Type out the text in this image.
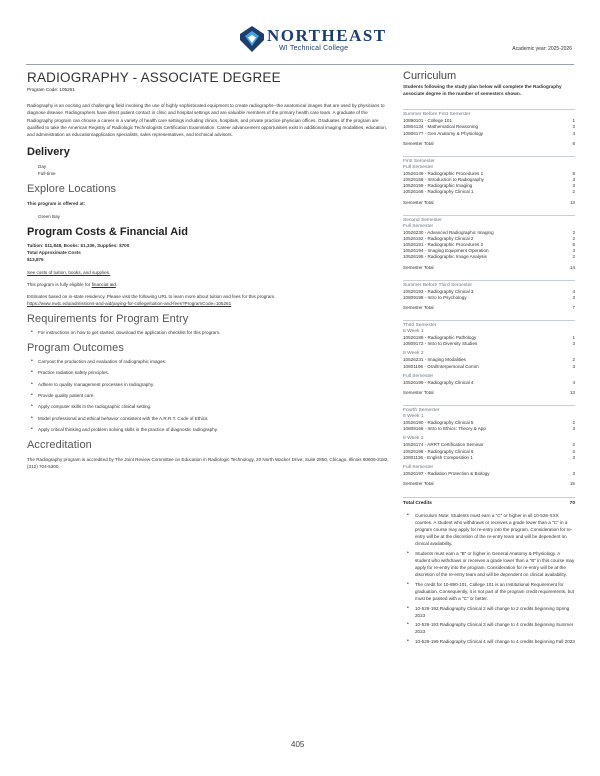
NORTHEAST
WI Technical College	Academic year: 2025-2026
RADIOGRAPHY - ASSOCIATE DEGREE
Program Code: 105261

Radiography is an exciting and challenging field involving the use of highly sophisticated equipment to create radiographs--the anatomical images that are used by physicians to diagnose disease. Radiographers have direct patient contact in clinic and hospital settings and are valuable members of the primary health care team. A graduate of the Radiography program can choose a career in a variety of health care settings including clinics, hospitals, and private practice physician offices. Graduates of the program are qualified to take the American Registry of Radiologic Technologists Certification Examination. Career advancement opportunities exist in additional imaging modalities, education, and administration as education/application specialists, sales representatives, and technical advisors.

Delivery
Day
Full-time
Explore Locations
This program is offered at:
Green Bay
Program Costs & Financial Aid
Tuition: $11,848, Books: $1,336, Supplies: $700
Total Approximate Costs
$13,876
See costs of tuition, books, and supplies.
This program is fully eligible for financial aid.
Estimates based on in-state residency. Please visit the following URL to learn more about tuition and fees for this program.
https://www.nwtc.edu/admissions-and-aid/paying-for-college/tuition-and-fees?ProgramCode=105261
Requirements for Program Entry
• For instructions on how to get started, download the application checklist for this program.
Program Outcomes
• Carryout the production and evaluation of radiographic images.
• Practice radiation safety principles.
• Adhere to quality management processes in radiography.
• Provide quality patient care.
• Apply computer skills in the radiographic clinical setting.
• Model professional and ethical behavior consistent with the A.R.R.T. Code of Ethics.
• Apply critical thinking and problem solving skills in the practice of diagnostic radiography.
Accreditation

The Radiography program is accredited by The Joint Review Committee on Education in Radiologic Technology, 20 North Wacker Drive; Suite 2850, Chicago, Illinois 60606-3182, (312) 704-5300.

Curriculum
Students following the study plan below will complete the Radiography associate degree in the number of semesters shown.
Summer Before First Semester
10890101 - College 101	1
10804134 - Mathematical Reasoning	3
10806177 - Gen Anatomy & Physiology	4
Semester Total	6
First Semester
Full Semester
10526149 - Radiographic Procedures 1	5
10526158 - Introduction to Radiography	3
10526159 - Radiographic Imaging	3
10526168 - Radiography Clinical 1	2
Semester Total	13
Second Semester
Full Semester
10526230 - Advanced Radiographic Imaging	2
10526192 - Radiography Clinical 2	2
10526191 - Radiographic Procedures 2	5
10526194 - Imaging Equipment Operation	3
10526195 - Radiographic Image Analysis	2
Semester Total	14
Summer Before Third Semester
10526193 - Radiography Clinical 3	4
10809198 - Intro to Psychology	3
Semester Total	7
Third Semester
8 Week 1
10526189 - Radiographic Pathology	1
10809172 - Intro to Diversity Studies	3
8 Week 2
10526231 - Imaging Modalities	2
10801196 - Oral/Interpersonal Comm	3
Full Semester
10526199 - Radiography Clinical 4	4
Semester Total	13
Fourth Semester
8 Week 1
10526190 - Radiography Clinical 5	2
10809166 - Intro to Ethics: Theory & App	3
8 Week 2
10526174 - ARRT Certification Seminar	2
10526198 - Radiography Clinical 6	2
10801136 - English Composition 1	3
Full Semester
10526197 - Radiation Protection & Biology	3
Semester Total	15
Total Credits	70
• Curriculum Note: Students must earn a "C" or higher in all 10-526-XXX courses. A student who withdraws or receives a grade lower than a "C" in a program course may apply for re-entry into the program. Consideration for re-entry will be at the discretion of the re-entry team and will be dependent on clinical availability.
• Students must earn a "B" or higher in General Anatomy & Physiology. A student who withdraws or receives a grade lower than a "B" in this course may apply for re-entry into the program. Consideration for re-entry will be at the discretion of the re-entry team and will be dependent on clinical availability.
• The credit for 10-890-101, College 101 is an Institutional Requirement for graduation. Consequently, it is not part of the program credit requirements, but must be passed with a "C" or better.
• 10-526-192 Radiography Clinical 2 will change to 2 credits beginning Spring 2023
• 10-526-193 Radiography Clinical 3 will change to 4 credits beginning Summer 2023
• 10-526-199 Radiography Clinical 4 will change to 4 credits beginning Fall 2023
405
